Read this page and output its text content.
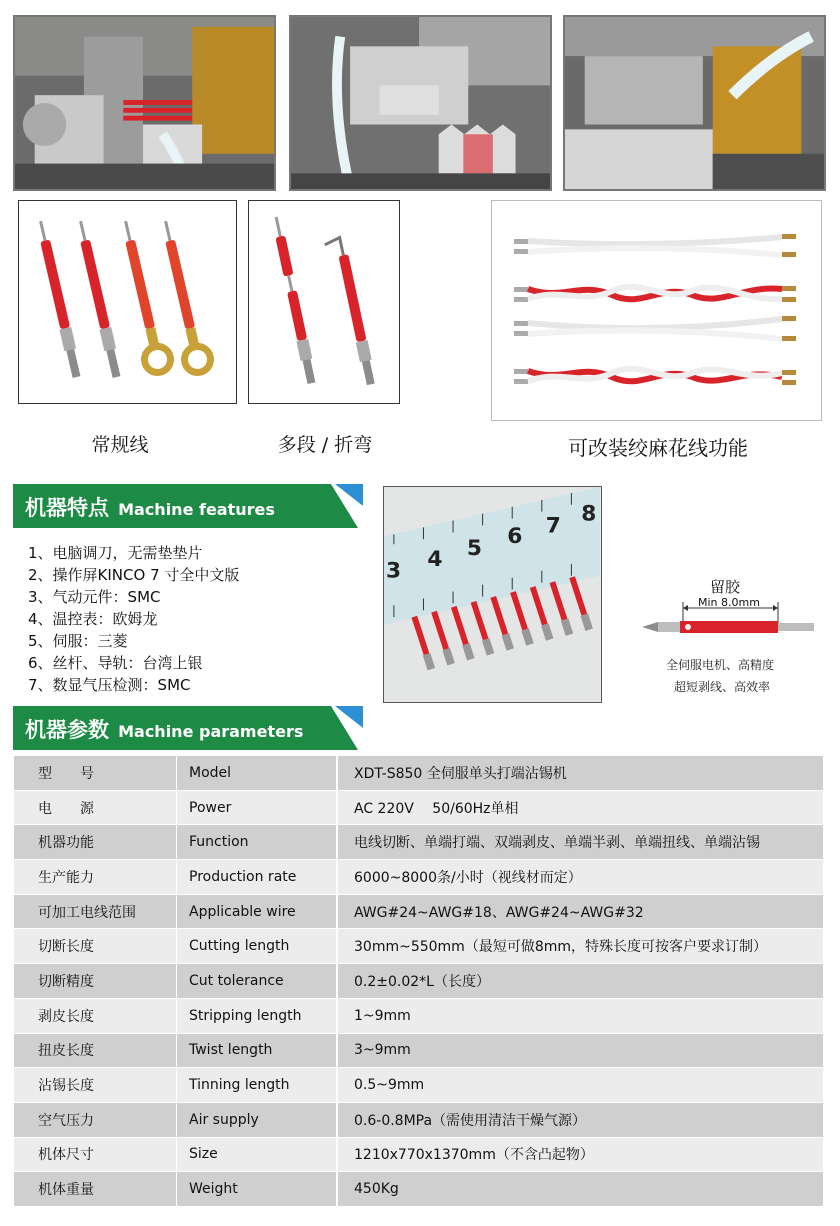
常规线	多段 / 折弯	可改装绞麻花线功能
机器特点 Machine features
1、电脑调刀，无需垫垫片
2、操作屏KINCO 7 寸全中文版
3、气动元件：SMC
4、温控表：欧姆龙
5、伺服：三菱
6、丝杆、导轨：台湾上银
7、数显气压检测：SMC
3 4 5 6 7 8
留胶
Min 8.0mm
全伺服电机、高精度
超短剥线、高效率
机器参数 Machine parameters
型　　号	Model	XDT-S850 全伺服单头打端沾锡机
电　　源	Power	AC 220V　 50/60Hz单相
机器功能	Function	电线切断、单端打端、双端剥皮、单端半剥、单端扭线、单端沾锡
生产能力	Production rate	6000~8000条/小时（视线材而定）
可加工电线范围	Applicable wire	AWG#24~AWG#18、AWG#24~AWG#32
切断长度	Cutting length	30mm~550mm（最短可做8mm，特殊长度可按客户要求订制）
切断精度	Cut tolerance	0.2±0.02*L（长度）
剥皮长度	Stripping length	1~9mm
扭皮长度	Twist length	3~9mm
沾锡长度	Tinning length	0.5~9mm
空气压力	Air supply	0.6-0.8MPa（需使用清洁干燥气源）
机体尺寸	Size	1210x770x1370mm（不含凸起物）
机体重量	Weight	450Kg
